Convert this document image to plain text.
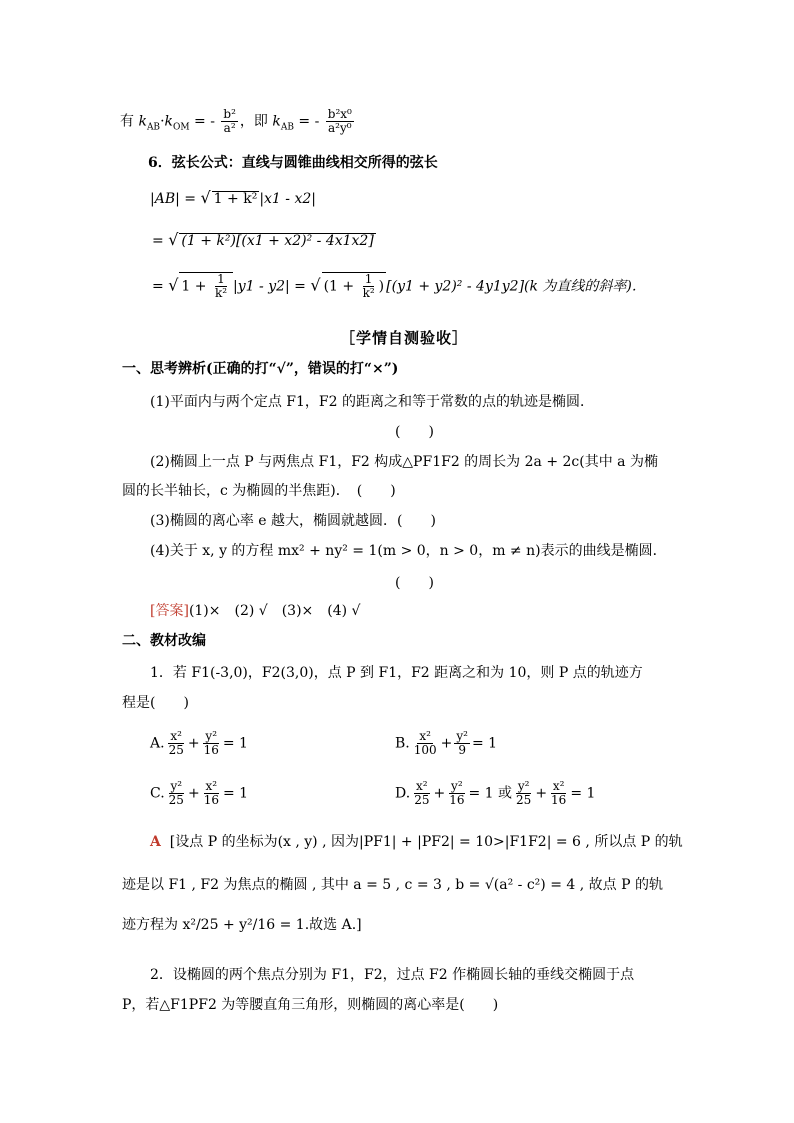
有 $k_{AB}\cdot k_{OM}$ = - $\frac{\text{b²}}{\text{a²}}$ ，即 $k_{AB}$ = - $\frac{\text{b²x⁰}}{\text{a²y⁰}}$
6．弦长公式：直线与圆锥曲线相交所得的弦长
|AB| = √ 1 + k² |x1 - x2|
= √ (1 + k²)[(x1 + x2)² - 4x1x2]
= √ $1 + \frac{1}{\text{k²}} |y1 - y2|$ = √ ($1 + \frac{1}{\text{k²}}$ ) [(y1 + y2)² - 4y1y2](k 为直线的斜率)．
［学情自测验收］
一、思考辨析(正确的打“√”，错误的打“×”)
(1)平面内与两个定点 F1，F2 的距离之和等于常数的点的轨迹是椭圆．
(　　)
(2)椭圆上一点 P 与两焦点 F1，F2 构成△PF1F2 的周长为 2a + 2c(其中 a 为椭
圆的长半轴长，c 为椭圆的半焦距)．　(　　)
(3)椭圆的离心率 e 越大，椭圆就越圆．(　　)
(4)关于 x, y 的方程 mx² + ny² = 1(m > 0，n > 0，m ≠ n)表示的曲线是椭圆．
(　　)
[答案](1)×　(2) √　(3)×　(4) √
二、教材改编
1．若 F1(-3,0)，F2(3,0)，点 P 到 F1，F2 距离之和为 10，则 P 点的轨迹方
程是(　　)
A. $\frac{\text{x²}}{25} + \frac{\text{y²}}{16} = 1$	B. $\frac{\text{x²}}{100} + \frac{\text{y²}}{9} = 1$
C. $\frac{\text{y²}}{25} + \frac{\text{x²}}{16} = 1$	D. $\frac{\text{x²}}{25} + \frac{\text{y²}}{16} = 1$ 或 $\frac{\text{y²}}{25} + \frac{\text{x²}}{16} = 1$
A [设点 P 的坐标为(x , y) , 因为|PF1| + |PF2| = 10>|F1F2| = 6 , 所以点 P 的轨
迹是以 F1 , F2 为焦点的椭圆 , 其中 a = 5 , c = 3 , b = √(a² - c²) = 4 , 故点 P 的轨
迹方程为 x²/25 + y²/16 = 1.故选 A.]
2．设椭圆的两个焦点分别为 F1，F2，过点 F2 作椭圆长轴的垂线交椭圆于点
P，若△F1PF2 为等腰直角三角形，则椭圆的离心率是(　　)
